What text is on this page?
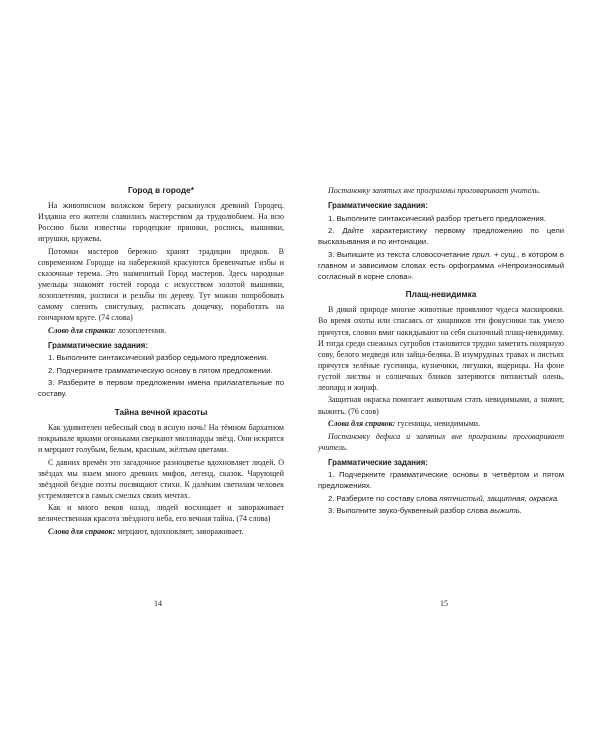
Город в городе*

На живописном волжском берегу раскинулся древний Городец. Издавна его жители славились мастерством да трудолюбием. На всю Россию были известны городецкие пряники, роспись, вышивки, игрушки, кружева.

Потомки мастеров бережно хранят традиции предков. В современном Городце на набережной красуются бревенчатые избы и сказочные терема. Это знаменитый Город мастеров. Здесь народные умельцы знакомят гостей города с искусством золотой вышивки, лозоплетения, росписи и резьбы по дереву. Тут можно попробовать самому слепить свистульку, расписать дощечку, поработать на гончарном круге. (74 слова)

Слово для справки: лозоплетения.

Грамматические задания:

1. Выполните синтаксический разбор седьмого предложения.

2. Подчеркните грамматическую основу в пятом предложении.

3. Разберите в первом предложении имена прилагательные по составу.

Тайна вечной красоты

Как удивителен небесный свод в ясную ночь! На тёмном бархатном покрывале яркими огоньками сверкают миллиарды звёзд. Они искрятся и мерцают голубым, белым, красным, жёлтым цветами.

С давних времён это загадочное разноцветье вдохновляет людей. О звёздах мы знаем много древних мифов, легенд, сказок. Чарующей звёздной бездне поэты посвящают стихи. К далёким светилам человек устремляется в самых смелых своих мечтах.

Как и много веков назад, людей восхищает и завораживает величественная красота звёздного неба, его вечная тайна. (74 слова)

Слова для справок: мерцают, вдохновляет, завораживает.

14

Постановку запятых вне программы проговаривает учитель.

Грамматические задания:

1. Выполните синтаксический разбор третьего предложения.

2. Дайте характеристику первому предложению по цели высказывания и по интонации.

3. Выпишите из текста словосочетание прил. + сущ., в котором в главном и зависимом словах есть орфограмма «Непроизносимый согласный в корне слова».

Плащ-невидимка

В дикой природе многие животные проявляют чудеса маскировки. Во время охоты или спасаясь от хищников эти фокусники так умело прячутся, словно вмиг накидывают на себя сказочный плащ-невидимку. И тогда среди снежных сугробов становится трудно заметить полярную сову, белого медведя или зайца-беляка. В изумрудных травах и листьях прячутся зелёные гусеницы, кузнечики, лягушки, ящерицы. На фоне густой листвы и солнечных бликов затеряются пятнистый олень, леопард и жираф.

Защитная окраска помогает животным стать невидимыми, а значит, выжить. (76 слов)

Слова для справок: гусеницы, невидимыми.

Постановку дефиса и запятых вне программы проговаривает учитель.

Грамматические задания:

1. Подчеркните грамматические основы в четвёртом и пятом предложениях.

2. Разберите по составу слова пятнистый, защитная, окраска.

3. Выполните звуко-буквенный разбор слова выжить.

15
